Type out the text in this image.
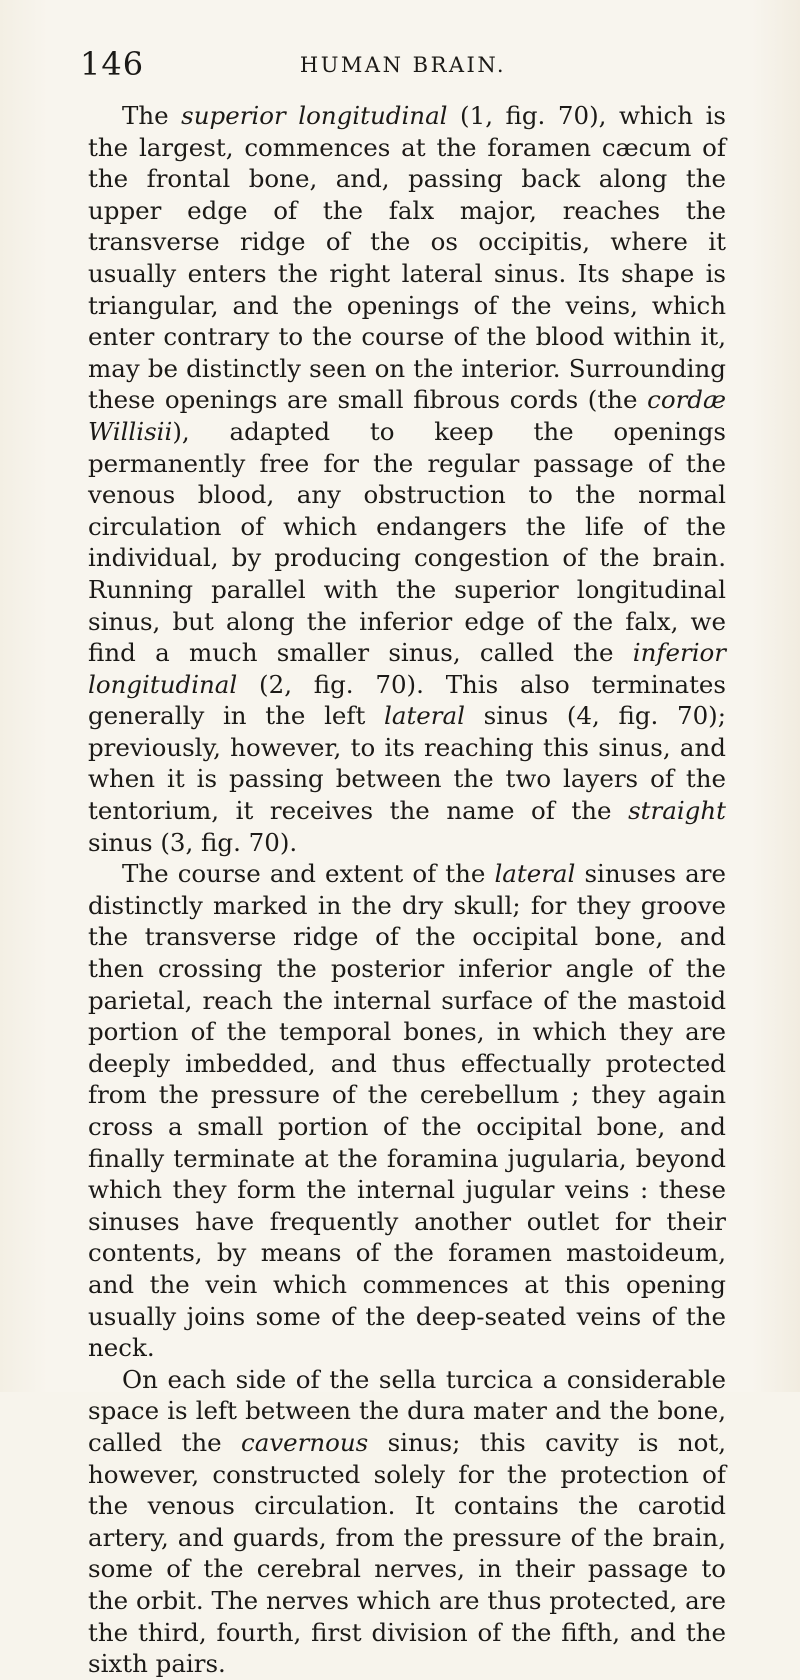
146	HUMAN BRAIN.

The superior longitudinal (1, fig. 70), which is the largest, commences at the foramen cæcum of the frontal bone, and, passing back along the upper edge of the falx major, reaches the transverse ridge of the os occipitis, where it usually enters the right lateral sinus. Its shape is triangular, and the openings of the veins, which enter contrary to the course of the blood within it, may be distinctly seen on the interior. Surrounding these openings are small fibrous cords (the cordæ Willisii), adapted to keep the openings permanently free for the regular passage of the venous blood, any obstruction to the normal circulation of which endangers the life of the individual, by producing congestion of the brain. Running parallel with the superior longitudinal sinus, but along the inferior edge of the falx, we find a much smaller sinus, called the inferior longitudinal (2, fig. 70). This also terminates generally in the left lateral sinus (4, fig. 70); previously, however, to its reaching this sinus, and when it is passing between the two layers of the tentorium, it receives the name of the straight sinus (3, fig. 70).

The course and extent of the lateral sinuses are distinctly marked in the dry skull; for they groove the transverse ridge of the occipital bone, and then crossing the posterior inferior angle of the parietal, reach the internal surface of the mastoid portion of the temporal bones, in which they are deeply imbedded, and thus effectually protected from the pressure of the cerebellum ; they again cross a small portion of the occipital bone, and finally terminate at the foramina jugularia, beyond which they form the internal jugular veins : these sinuses have frequently another outlet for their contents, by means of the foramen mastoideum, and the vein which commences at this opening usually joins some of the deep-seated veins of the neck.

On each side of the sella turcica a considerable space is left between the dura mater and the bone, called the cavernous sinus; this cavity is not, however, constructed solely for the protection of the venous circulation. It contains the carotid artery, and guards, from the pressure of the brain, some of the cerebral nerves, in their passage to the orbit. The nerves which are thus protected, are the third, fourth, first division of the fifth, and the sixth pairs.
